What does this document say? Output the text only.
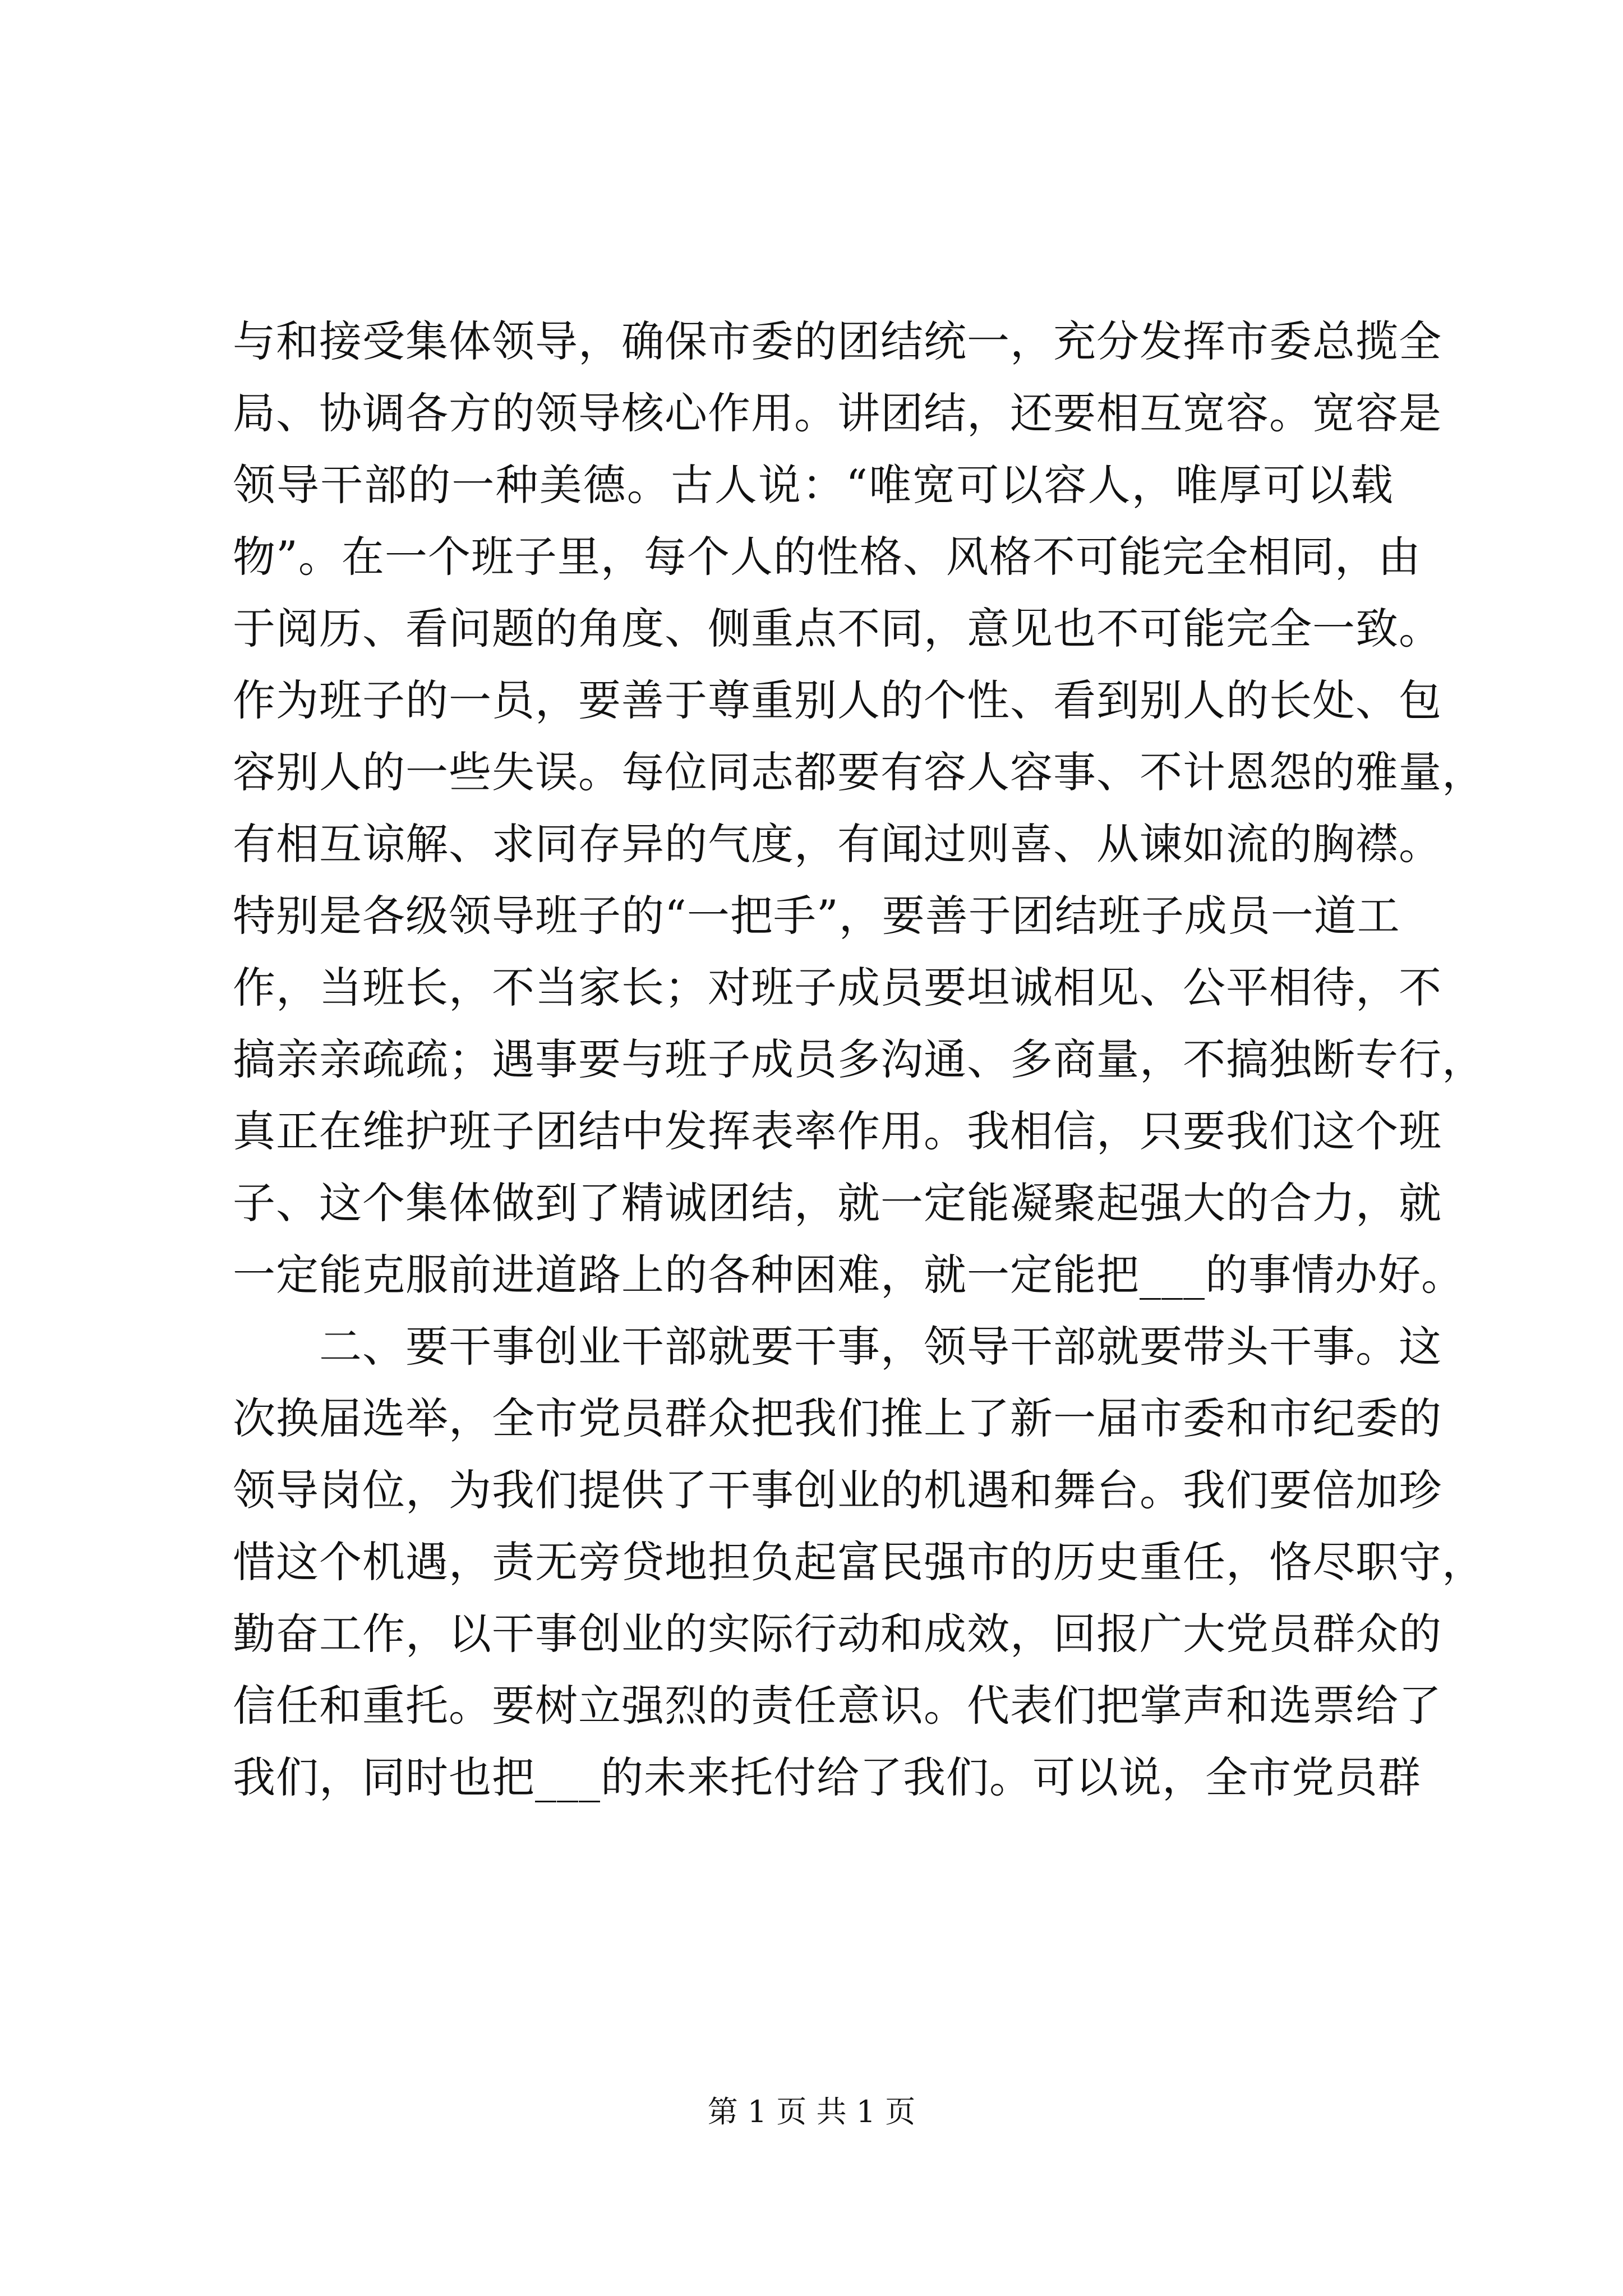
与和接受集体领导，确保市委的团结统一，充分发挥市委总揽全
局、协调各方的领导核心作用。讲团结，还要相互宽容。宽容是
领导干部的一种美德。古人说：“唯宽可以容人，唯厚可以载
物”。在一个班子里，每个人的性格、风格不可能完全相同，由
于阅历、看问题的角度、侧重点不同，意见也不可能完全一致。
作为班子的一员，要善于尊重别人的个性、看到别人的长处、包
容别人的一些失误。每位同志都要有容人容事、不计恩怨的雅量，
有相互谅解、求同存异的气度，有闻过则喜、从谏如流的胸襟。
特别是各级领导班子的“一把手”，要善于团结班子成员一道工
作，当班长，不当家长；对班子成员要坦诚相见、公平相待，不
搞亲亲疏疏；遇事要与班子成员多沟通、多商量，不搞独断专行，
真正在维护班子团结中发挥表率作用。我相信，只要我们这个班
子、这个集体做到了精诚团结，就一定能凝聚起强大的合力，就
一定能克服前进道路上的各种困难，就一定能把___的事情办好。
　　二、要干事创业干部就要干事，领导干部就要带头干事。这
次换届选举，全市党员群众把我们推上了新一届市委和市纪委的
领导岗位，为我们提供了干事创业的机遇和舞台。我们要倍加珍
惜这个机遇，责无旁贷地担负起富民强市的历史重任，恪尽职守，
勤奋工作，以干事创业的实际行动和成效，回报广大党员群众的
信任和重托。要树立强烈的责任意识。代表们把掌声和选票给了
我们，同时也把___的未来托付给了我们。可以说，全市党员群
第 1 页 共 1 页
